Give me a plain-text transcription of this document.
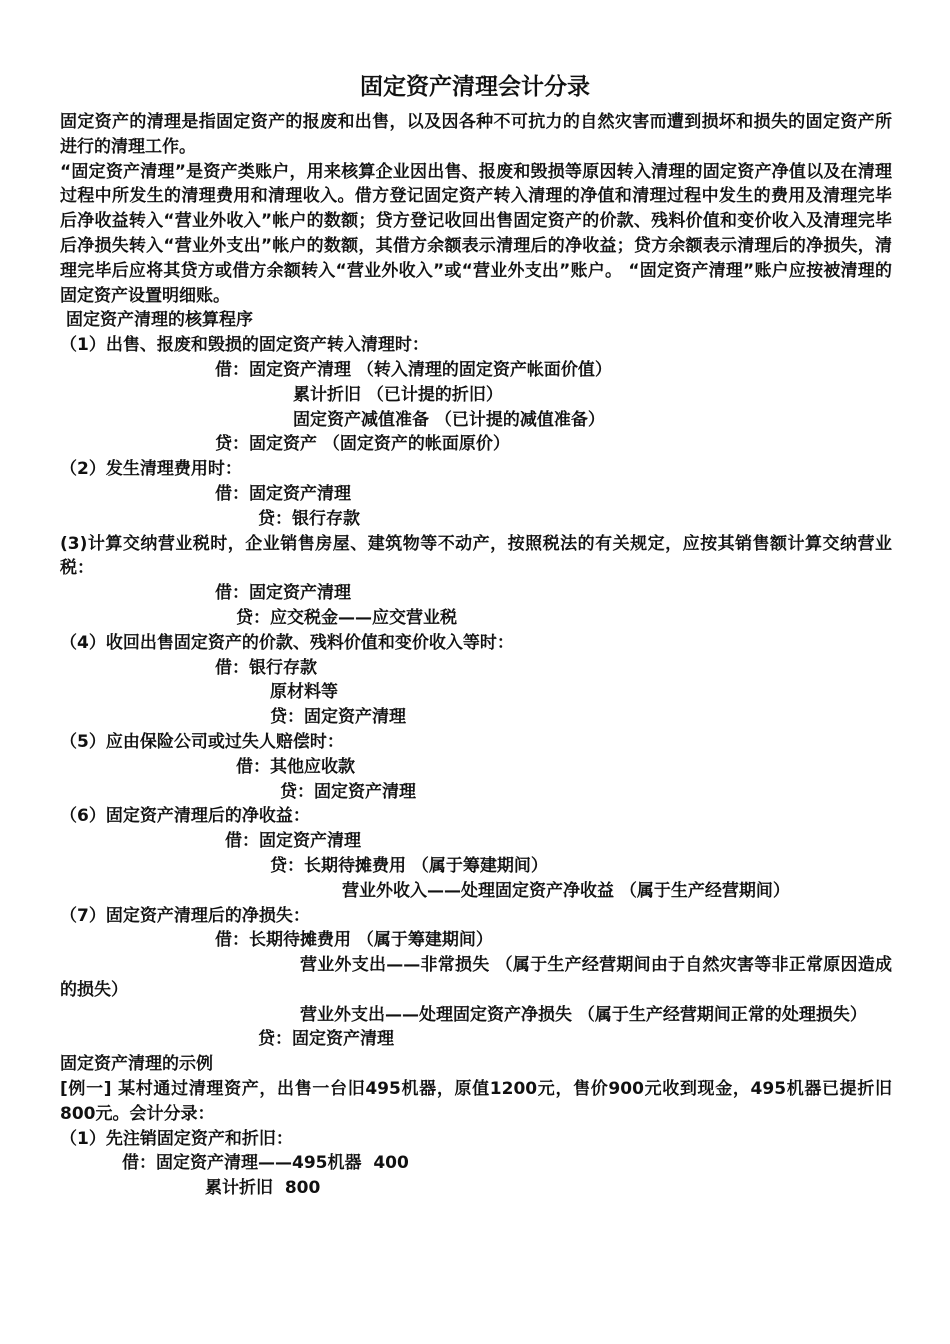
固定资产清理会计分录

固定资产的清理是指固定资产的报废和出售，以及因各种不可抗力的自然灾害而遭到损坏和损失的固定资产所进行的清理工作。

“固定资产清理”是资产类账户，用来核算企业因出售、报废和毁损等原因转入清理的固定资产净值以及在清理过程中所发生的清理费用和清理收入。借方登记固定资产转入清理的净值和清理过程中发生的费用及清理完毕后净收益转入“营业外收入”帐户的数额；贷方登记收回出售固定资产的价款、残料价值和变价收入及清理完毕后净损失转入“营业外支出”帐户的数额，其借方余额表示清理后的净收益；贷方余额表示清理后的净损失，清理完毕后应将其贷方或借方余额转入“营业外收入”或“营业外支出”账户。 “固定资产清理”账户应按被清理的固定资产设置明细账。

固定资产清理的核算程序
（1）出售、报废和毁损的固定资产转入清理时：
借：固定资产清理 （转入清理的固定资产帐面价值）
累计折旧 （已计提的折旧）
固定资产减值准备 （已计提的减值准备）
贷：固定资产 （固定资产的帐面原价）
（2）发生清理费用时：
借：固定资产清理
贷：银行存款

(3)计算交纳营业税时，企业销售房屋、建筑物等不动产，按照税法的有关规定，应按其销售额计算交纳营业税：

借：固定资产清理
贷：应交税金——应交营业税
（4）收回出售固定资产的价款、残料价值和变价收入等时：
借：银行存款
原材料等
贷：固定资产清理
（5）应由保险公司或过失人赔偿时：
借：其他应收款
贷：固定资产清理
（6）固定资产清理后的净收益：
借：固定资产清理
贷：长期待摊费用 （属于筹建期间）
营业外收入——处理固定资产净收益 （属于生产经营期间）
（7）固定资产清理后的净损失：
借：长期待摊费用 （属于筹建期间）
营业外支出——非常损失 （属于生产经营期间由于自然灾害等非正常原因造成的损失）
营业外支出——处理固定资产净损失 （属于生产经营期间正常的处理损失）
贷：固定资产清理
固定资产清理的示例

[例一] 某村通过清理资产，出售一台旧495机器，原值1200元，售价900元收到现金，495机器已提折旧800元。会计分录：

（1）先注销固定资产和折旧：
借：固定资产清理——495机器  400
累计折旧  800
